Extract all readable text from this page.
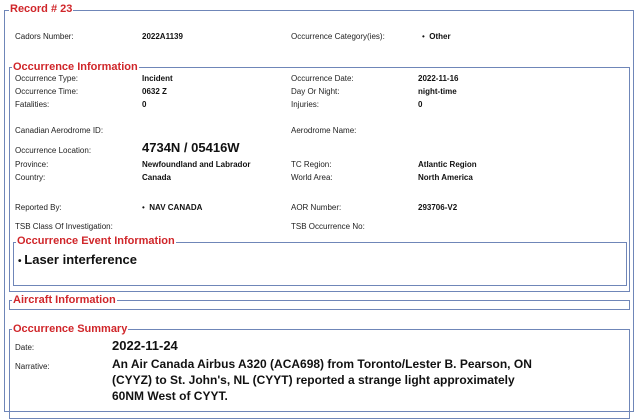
Record # 23
Cadors Number:	2022A1139	Occurrence Category(ies):	•  Other
Occurrence Information
Occurrence Type:	Incident	Occurrence Date:	2022-11-16
Occurrence Time:	0632 Z	Day Or Night:	night-time
Fatalities:	0	Injuries:	0
Canadian Aerodrome ID:	Aerodrome Name:
Occurrence Location:	4734N / 05416W
Province:	Newfoundland and Labrador	TC Region:	Atlantic Region
Country:	Canada	World Area:	North America
Reported By:	•  NAV CANADA	AOR Number:	293706-V2
TSB Class Of Investigation:	TSB Occurrence No:
Occurrence Event Information
• Laser interference
Aircraft Information
Occurrence Summary
Date:	2022-11-24
Narrative:	An Air Canada Airbus A320 (ACA698) from Toronto/Lester B. Pearson, ON (CYYZ) to St. John's, NL (CYYT) reported a strange light approximately 60NM West of CYYT.
